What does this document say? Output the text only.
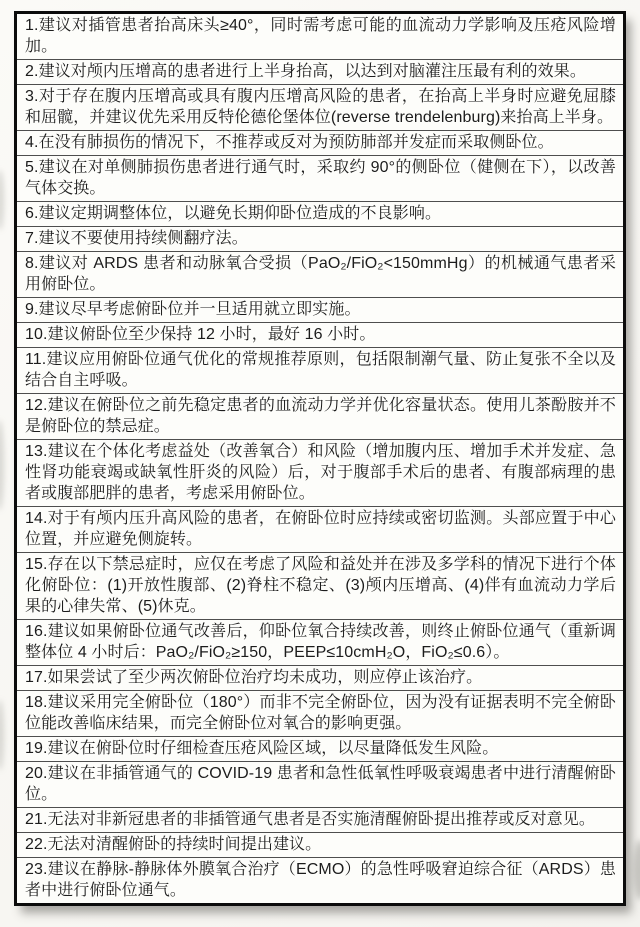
1.建议对插管患者抬高床头≥40°，同时需考虑可能的血流动力学影响及压疮风险增加。
2.建议对颅内压增高的患者进行上半身抬高，以达到对脑灌注压最有利的效果。
3.对于存在腹内压增高或具有腹内压增高风险的患者，在抬高上半身时应避免屈膝和屈髋，并建议优先采用反特伦德伦堡体位(reverse trendelenburg)来抬高上半身。
4.在没有肺损伤的情况下，不推荐或反对为预防肺部并发症而采取侧卧位。
5.建议在对单侧肺损伤患者进行通气时，采取约 90°的侧卧位（健侧在下），以改善气体交换。
6.建议定期调整体位，以避免长期仰卧位造成的不良影响。
7.建议不要使用持续侧翻疗法。
8.建议对 ARDS 患者和动脉氧合受损（PaO₂/FiO₂<150mmHg）的机械通气患者采用俯卧位。
9.建议尽早考虑俯卧位并一旦适用就立即实施。
10.建议俯卧位至少保持 12 小时，最好 16 小时。
11.建议应用俯卧位通气优化的常规推荐原则，包括限制潮气量、防止复张不全以及结合自主呼吸。
12.建议在俯卧位之前先稳定患者的血流动力学并优化容量状态。使用儿茶酚胺并不是俯卧位的禁忌症。
13.建议在个体化考虑益处（改善氧合）和风险（增加腹内压、增加手术并发症、急性肾功能衰竭或缺氧性肝炎的风险）后，对于腹部手术后的患者、有腹部病理的患者或腹部肥胖的患者，考虑采用俯卧位。
14.对于有颅内压升高风险的患者，在俯卧位时应持续或密切监测。头部应置于中心位置，并应避免侧旋转。
15.存在以下禁忌症时，应仅在考虑了风险和益处并在涉及多学科的情况下进行个体化俯卧位：(1)开放性腹部、(2)脊柱不稳定、(3)颅内压增高、(4)伴有血流动力学后果的心律失常、(5)休克。
16.建议如果俯卧位通气改善后，仰卧位氧合持续改善，则终止俯卧位通气（重新调整体位 4 小时后：PaO₂/FiO₂≥150，PEEP≤10cmH₂O，FiO₂≤0.6）。
17.如果尝试了至少两次俯卧位治疗均未成功，则应停止该治疗。
18.建议采用完全俯卧位（180°）而非不完全俯卧位，因为没有证据表明不完全俯卧位能改善临床结果，而完全俯卧位对氧合的影响更强。
19.建议在俯卧位时仔细检查压疮风险区域，以尽量降低发生风险。
20.建议在非插管通气的 COVID-19 患者和急性低氧性呼吸衰竭患者中进行清醒俯卧位。
21.无法对非新冠患者的非插管通气患者是否实施清醒俯卧提出推荐或反对意见。
22.无法对清醒俯卧的持续时间提出建议。
23.建议在静脉-静脉体外膜氧合治疗（ECMO）的急性呼吸窘迫综合征（ARDS）患者中进行俯卧位通气。
